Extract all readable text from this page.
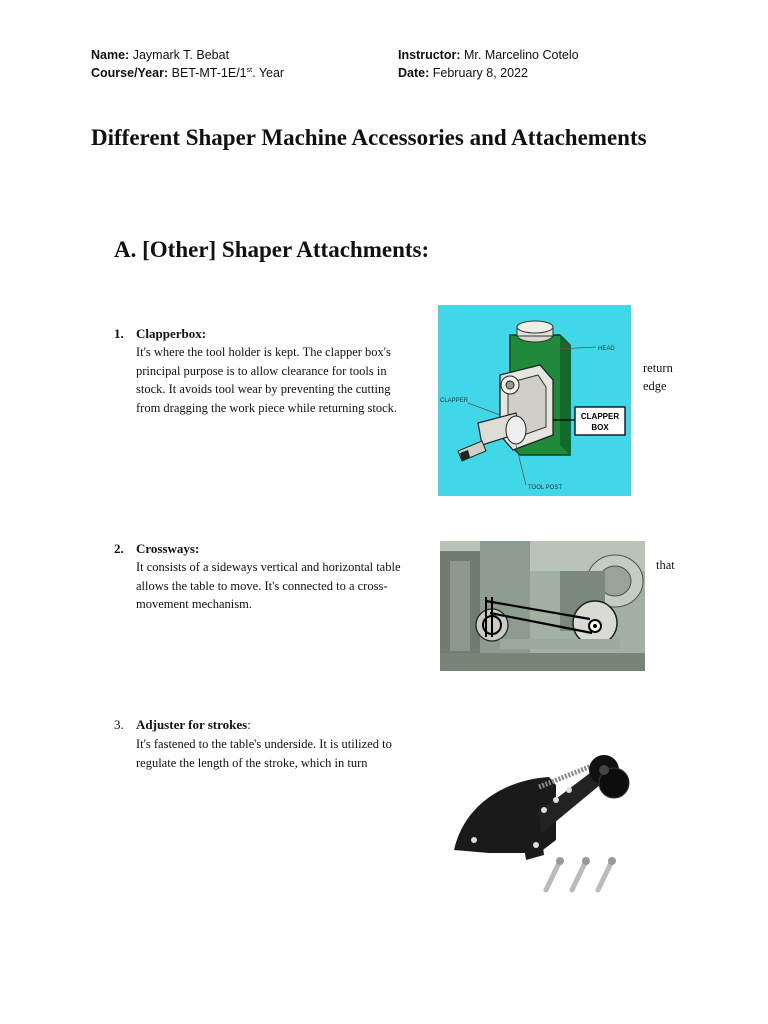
Name: Jaymark T. Bebat
Course/Year: BET-MT-1E/1st. Year
Instructor: Mr. Marcelino Cotelo
Date: February 8, 2022
Different Shaper Machine Accessories and Attachements
A. [Other] Shaper Attachments:
1. Clapperbox:
It's where the tool holder is kept. The clapper box's
principal purpose is to allow clearance for tools in
stock. It avoids tool wear by preventing the cutting
from dragging the work piece while returning stock.
return
edge
HEAD
CLAPPER
CLAPPER
BOX
TOOL POST
2. Crossways:
It consists of a sideways vertical and horizontal table
allows the table to move. It's connected to a cross-
movement mechanism.
that
3. Adjuster for strokes:
It's fastened to the table's underside. It is utilized to
regulate the length of the stroke, which in turn
